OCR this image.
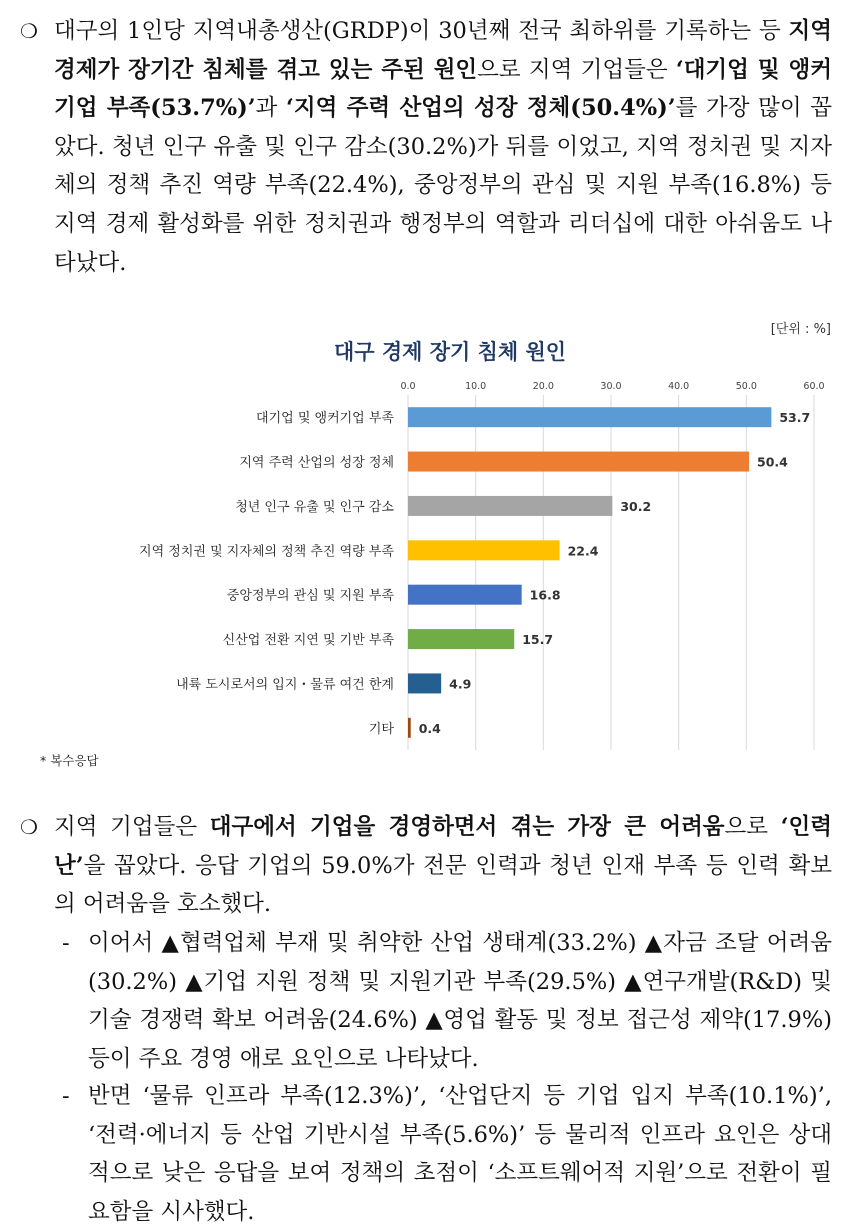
❍ 대구의 1인당 지역내총생산(GRDP)이 30년째 전국 최하위를 기록하는 등 지역 경제가 장기간 침체를 겪고 있는 주된 원인으로 지역 기업들은 ‘대기업 및 앵커기업 부족(53.7%)’과 ‘지역 주력 산업의 성장 정체(50.4%)’를 가장 많이 꼽았다. 청년 인구 유출 및 인구 감소(30.2%)가 뒤를 이었고, 지역 정치권 및 지자체의 정책 추진 역량 부족(22.4%), 중앙정부의 관심 및 지원 부족(16.8%) 등 지역 경제 활성화를 위한 정치권과 행정부의 역할과 리더십에 대한 아쉬움도 나타났다.
[단위 : %]
대구 경제 장기 침체 원인
0.0	10.0	20.0	30.0	40.0	50.0	60.0
대기업 및 앵커기업 부족	53.7
지역 주력 산업의 성장 정체	50.4
청년 인구 유출 및 인구 감소	30.2
지역 정치권 및 지자체의 정책 추진 역량 부족	22.4
중앙정부의 관심 및 지원 부족	16.8
신산업 전환 지연 및 기반 부족	15.7
내륙 도시로서의 입지・물류 여건 한계	4.9
기타 0.4
* 복수응답
❍ 지역 기업들은 대구에서 기업을 경영하면서 겪는 가장 큰 어려움으로 ‘인력난’을 꼽았다. 응답 기업의 59.0%가 전문 인력과 청년 인재 부족 등 인력 확보의 어려움을 호소했다.
- 이어서 ▲협력업체 부재 및 취약한 산업 생태계(33.2%) ▲자금 조달 어려움(30.2%) ▲기업 지원 정책 및 지원기관 부족(29.5%) ▲연구개발(R&D) 및 기술 경쟁력 확보 어려움(24.6%) ▲영업 활동 및 정보 접근성 제약(17.9%) 등이 주요 경영 애로 요인으로 나타났다.
- 반면 ‘물류 인프라 부족(12.3%)’, ‘산업단지 등 기업 입지 부족(10.1%)’, ‘전력·에너지 등 산업 기반시설 부족(5.6%)’ 등 물리적 인프라 요인은 상대적으로 낮은 응답을 보여 정책의 초점이 ‘소프트웨어적 지원’으로 전환이 필요함을 시사했다.
